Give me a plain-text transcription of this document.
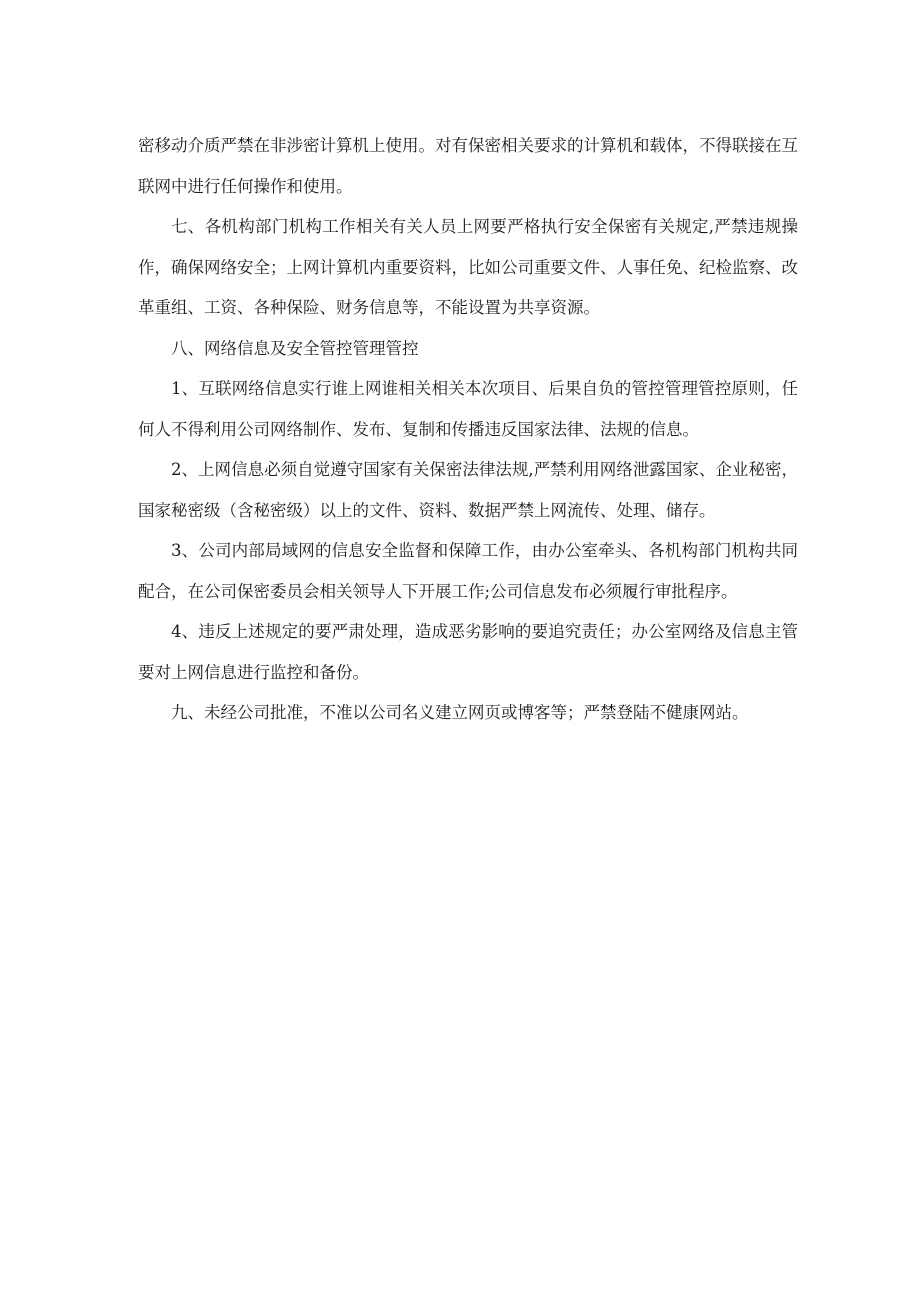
密移动介质严禁在非涉密计算机上使用。对有保密相关要求的计算机和载体，不得联接在互联网中进行任何操作和使用。

七、各机构部门机构工作相关有关人员上网要严格执行安全保密有关规定,严禁违规操作，确保网络安全；上网计算机内重要资料，比如公司重要文件、人事任免、纪检监察、改革重组、工资、各种保险、财务信息等，不能设置为共享资源。

八、网络信息及安全管控管理管控

1、互联网络信息实行谁上网谁相关相关本次项目、后果自负的管控管理管控原则，任何人不得利用公司网络制作、发布、复制和传播违反国家法律、法规的信息。

2、上网信息必须自觉遵守国家有关保密法律法规,严禁利用网络泄露国家、企业秘密，国家秘密级（含秘密级）以上的文件、资料、数据严禁上网流传、处理、储存。

3、公司内部局域网的信息安全监督和保障工作，由办公室牵头、各机构部门机构共同配合，在公司保密委员会相关领导人下开展工作;公司信息发布必须履行审批程序。

4、违反上述规定的要严肃处理，造成恶劣影响的要追究责任；办公室网络及信息主管要对上网信息进行监控和备份。

九、未经公司批准，不准以公司名义建立网页或博客等；严禁登陆不健康网站。
